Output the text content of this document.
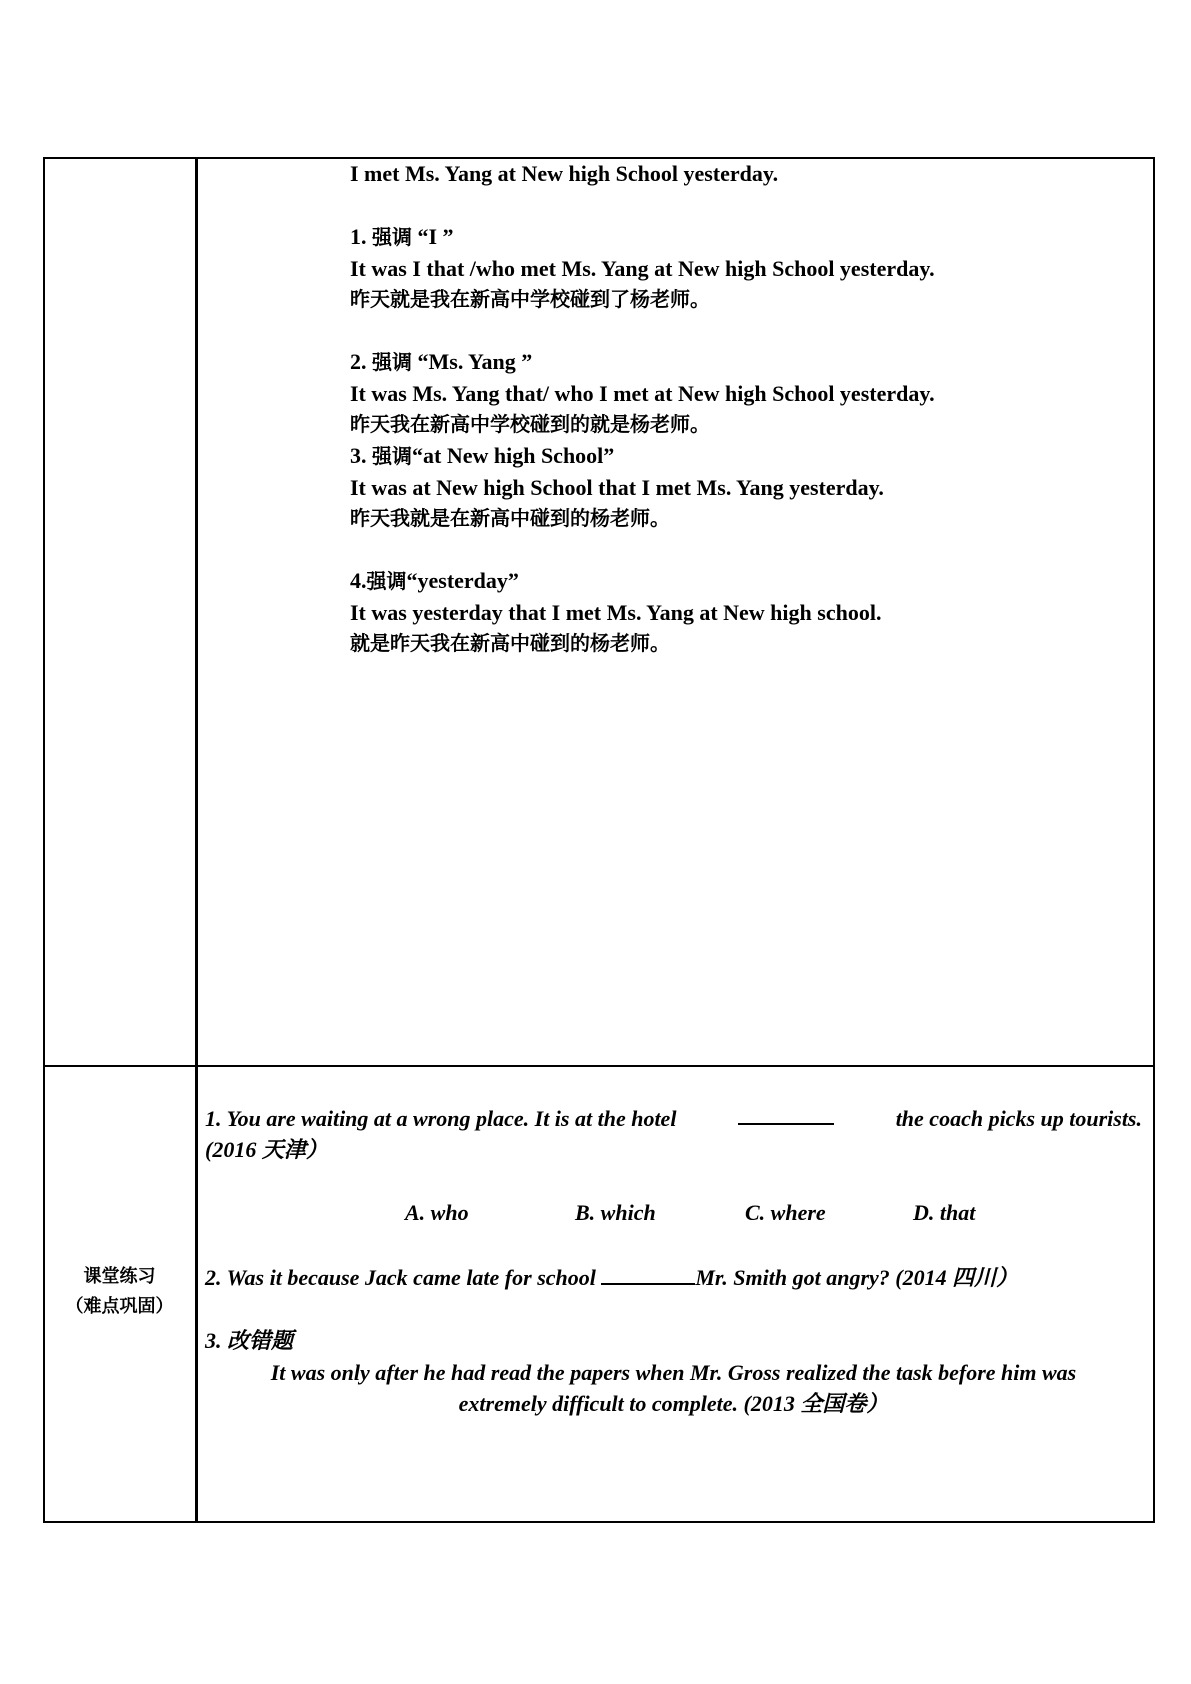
I met Ms. Yang at New high School yesterday.
1. 强调 “I ”
It was I that /who met Ms. Yang at New high School yesterday.
昨天就是我在新高中学校碰到了杨老师。
2. 强调 “Ms. Yang ”
It was Ms. Yang that/ who I met at New high School yesterday.
昨天我在新高中学校碰到的就是杨老师。
3. 强调“at New high School”
It was at New high School that I met Ms. Yang yesterday.
昨天我就是在新高中碰到的杨老师。
4.强调“yesterday”
It was yesterday that I met Ms. Yang at New high school.
就是昨天我在新高中碰到的杨老师。
课堂练习
（难点巩固）
1. You are waiting at a wrong place. It is at the hotel	the coach picks up tourists.
(2016 天津）
A. who	B. which	C. where	D. that
2. Was it because Jack came late for school	Mr. Smith got angry? (2014 四川）
3. 改错题
It was only after he had read the papers when Mr. Gross realized the task before him was
extremely difficult to complete. (2013 全国卷）
